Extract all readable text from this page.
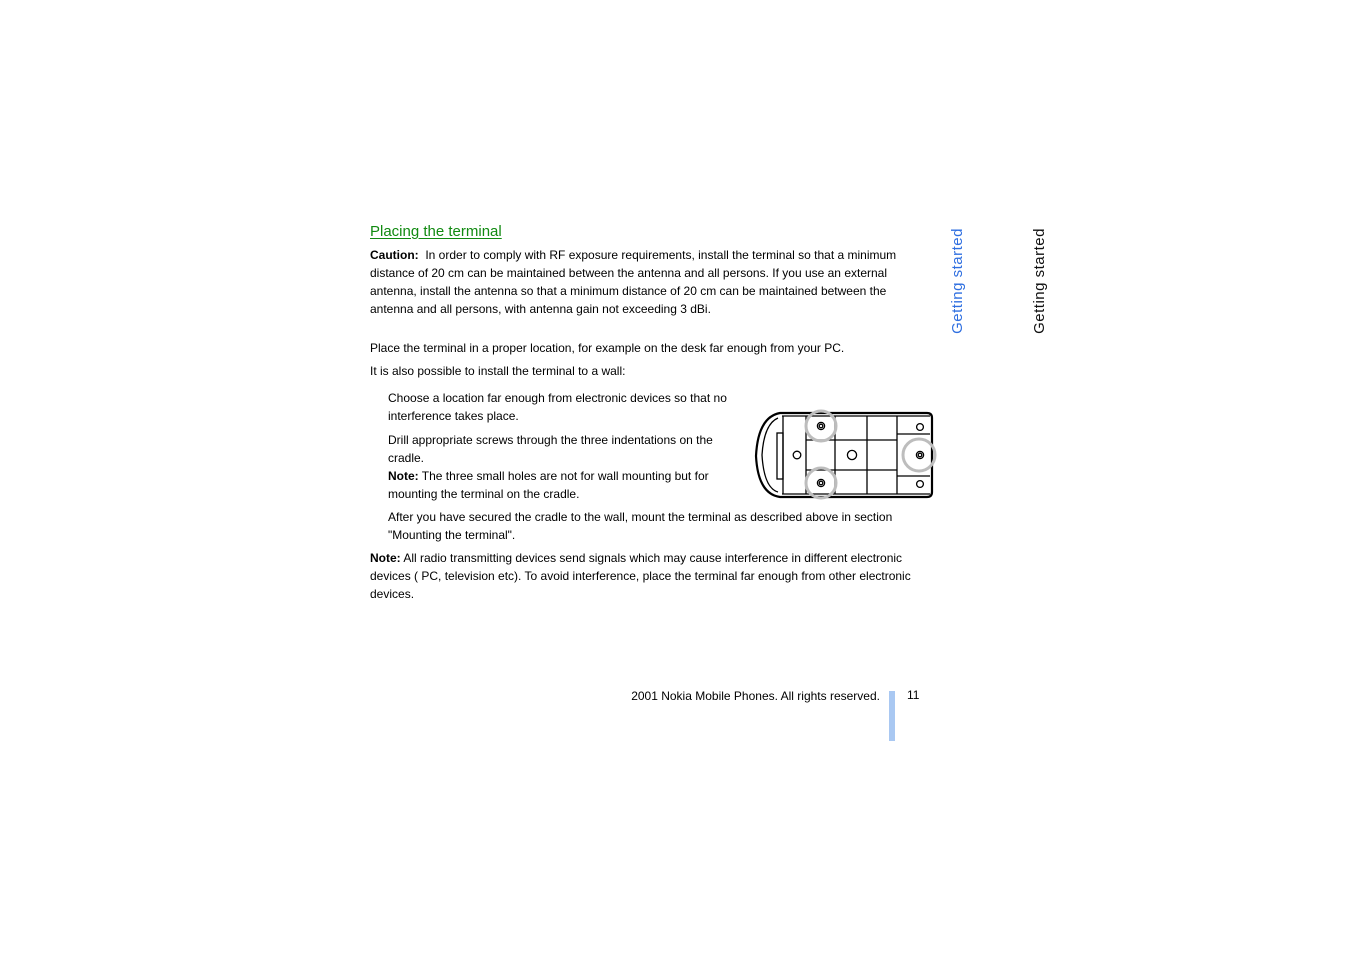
Placing the terminal

Caution: In order to comply with RF exposure requirements, install the terminal so that a minimum distance of 20 cm can be maintained between the antenna and all persons. If you use an external antenna, install the antenna so that a minimum distance of 20 cm can be maintained between the antenna and all persons, with antenna gain not exceeding 3 dBi.

Place the terminal in a proper location, for example on the desk far enough from your PC.

It is also possible to install the terminal to a wall:

Choose a location far enough from electronic devices so that no interference takes place.

Drill appropriate screws through the three indentations on the cradle.
Note: The three small holes are not for wall mounting but for mounting the terminal on the cradle.

After you have secured the cradle to the wall, mount the terminal as described above in section "Mounting the terminal".

Note: All radio transmitting devices send signals which may cause interference in different electronic devices ( PC, television etc). To avoid interference, place the terminal far enough from other electronic devices.

Getting started	Getting started
2001 Nokia Mobile Phones. All rights reserved. 11
